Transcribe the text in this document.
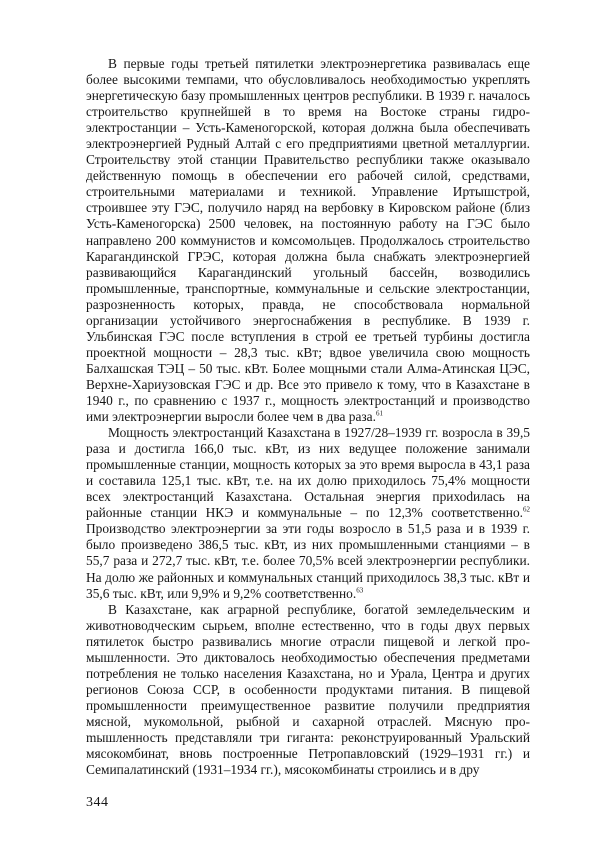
В первые годы третьей пятилетки электроэнергетика развивалась еще более высокими темпами, что обусловливалось необходимостью укреплять энергетическую базу промышленных центров республики. В 1939 г. началось строительство крупнейшей в то время на Востоке страны гидроэлектростанции – Усть-Каменогорской, которая должна была обеспечивать электроэнергией Рудный Алтай с его предприятиями цветной металлургии. Строительству этой станции Правительство республики также оказывало действенную помощь в обеспечении его рабочей силой, средствами, строительными материалами и техникой. Управление Иртышстрой, строившее эту ГЭС, получило наряд на вербовку в Кировском районе (близ Усть-Каменогорска) 2500 человек, на постоянную работу на ГЭС было направлено 200 коммунистов и комсомольцев. Продолжалось строительство Карагандинской ГРЭС, которая должна была снабжать электроэнергией развивающийся Карагандинский угольный бассейн, возводились промышленные, транспортные, коммунальные и сельские электростанции, разрозненность которых, правда, не способствовала нормальной организации устойчивого энергоснабжения в республике. В 1939 г. Ульбинская ГЭС после вступления в строй ее третьей турбины достигла проектной мощности – 28,3 тыс. кВт; вдвое увеличила свою мощность Балхашская ТЭЦ – 50 тыс. кВт. Более мощными стали Алма-Атинская ЦЭС, Верхне-Хариузовская ГЭС и др. Все это привело к тому, что в Казахстане в 1940 г., по сравнению с 1937 г., мощность электростанций и производство ими электроэнергии выросли более чем в два раза.$^{61}$

Мощность электростанций Казахстана в 1927/28–1939 гг. возросла в 39,5 раза и достигла 166,0 тыс. кВт, из них ведущее положение занимали промышленные станции, мощность которых за это время выросла в 43,1 раза и составила 125,1 тыс. кВт, т.е. на их долю приходилось 75,4% мощности всех электростанций Казахстана. Остальная энергия прихоdилась на районные станции НКЭ и коммунальные – по 12,3% соответственно.$^{62}$ Производство электроэнергии за эти годы возросло в 51,5 раза и в 1939 г. было произведено 386,5 тыс. кВт, из них промышленными станциями – в 55,7 раза и 272,7 тыс. кВт, т.е. более 70,5% всей электроэнергии республики. На долю же районных и коммунальных станций приходилось 38,3 тыс. кВт и 35,6 тыс. кВт, или 9,9% и 9,2% соответственно.$^{63}$

В Казахстане, как аграрной республике, богатой земледельческим и животноводческим сырьем, вполне естественно, что в годы двух первых пятилеток быстро развивались многие отрасли пищевой и легкой промышленности. Это диктовалось необходимостью обеспечения предметами потребления не только населения Казахстана, но и Урала, Центра и других регионов Союза ССР, в особенности продуктами питания. В пищевой промышленности преимущественное развитие получили предприятия мясной, мукомольной, рыбной и сахарной отраслей. Мясную проmышленность представляли три гиганта: реконструированный Уральский мясокомбинат, вновь построенные Петропавловский (1929–1931 гг.) и Семипалатинский (1931–1934 гг.), мясокомбинаты строились и в дру

344
